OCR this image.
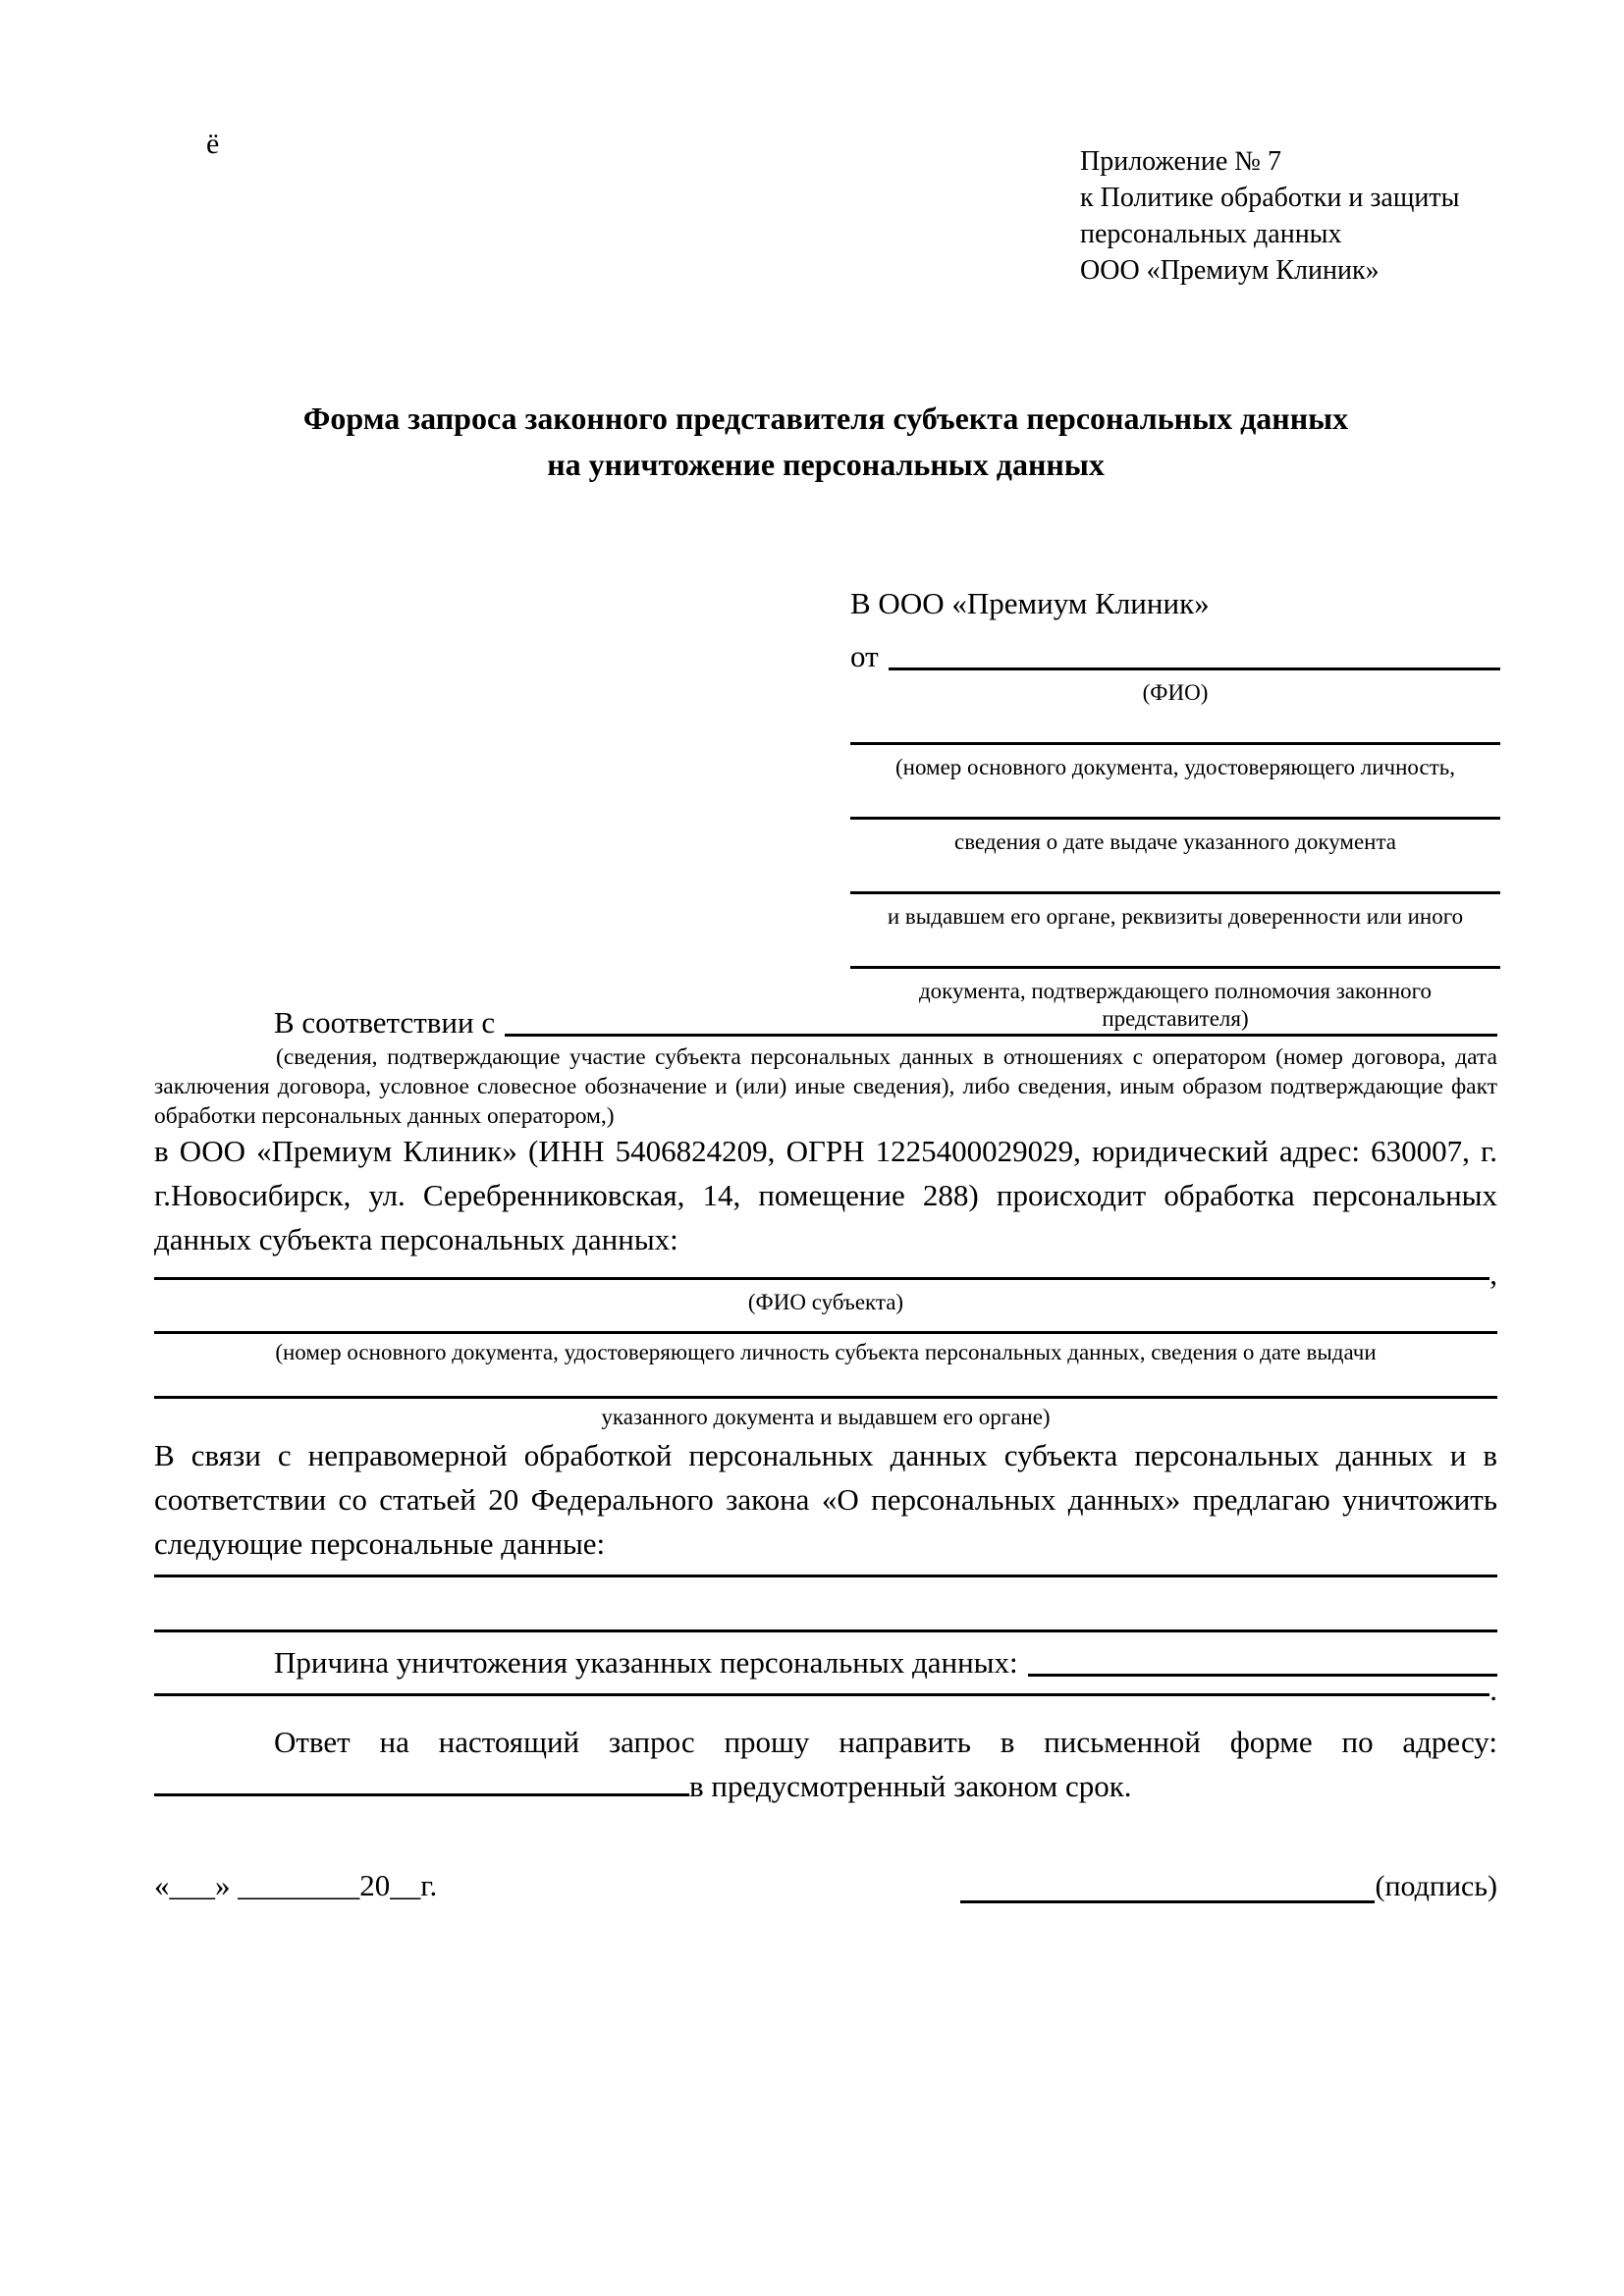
ё
Приложение № 7
к Политике обработки и защиты
персональных данных
ООО «Премиум Клиник»
Форма запроса законного представителя субъекта персональных данных
на уничтожение персональных данных
В ООО «Премиум Клиник»
от
(ФИО)
(номер основного документа, удостоверяющего личность,
сведения о дате выдаче указанного документа
и выдавшем его органе, реквизиты доверенности или иного
документа, подтверждающего полномочия законного представителя)
В соответствии с
(сведения, подтверждающие участие субъекта персональных данных в отношениях с оператором (номер договора, дата заключения договора, условное словесное обозначение и (или) иные сведения), либо сведения, иным образом подтверждающие факт обработки персональных данных оператором,)
в ООО «Премиум Клиник» (ИНН 5406824209, ОГРН 1225400029029, юридический адрес: 630007, г. г.Новосибирск, ул. Серебренниковская, 14, помещение 288) происходит обработка персональных данных субъекта персональных данных:
,
(ФИО субъекта)
(номер основного документа, удостоверяющего личность субъекта персональных данных, сведения о дате выдачи
указанного документа и выдавшем его органе)
В связи с неправомерной обработкой персональных данных субъекта персональных данных и в соответствии со статьей 20 Федерального закона «О персональных данных» предлагаю уничтожить следующие персональные данные:
Причина уничтожения указанных персональных данных:
.
Ответ на настоящий запрос прошу направить в письменной форме по адресу: в предусмотренный законом срок.
«___» ________20__г.	(подпись)
